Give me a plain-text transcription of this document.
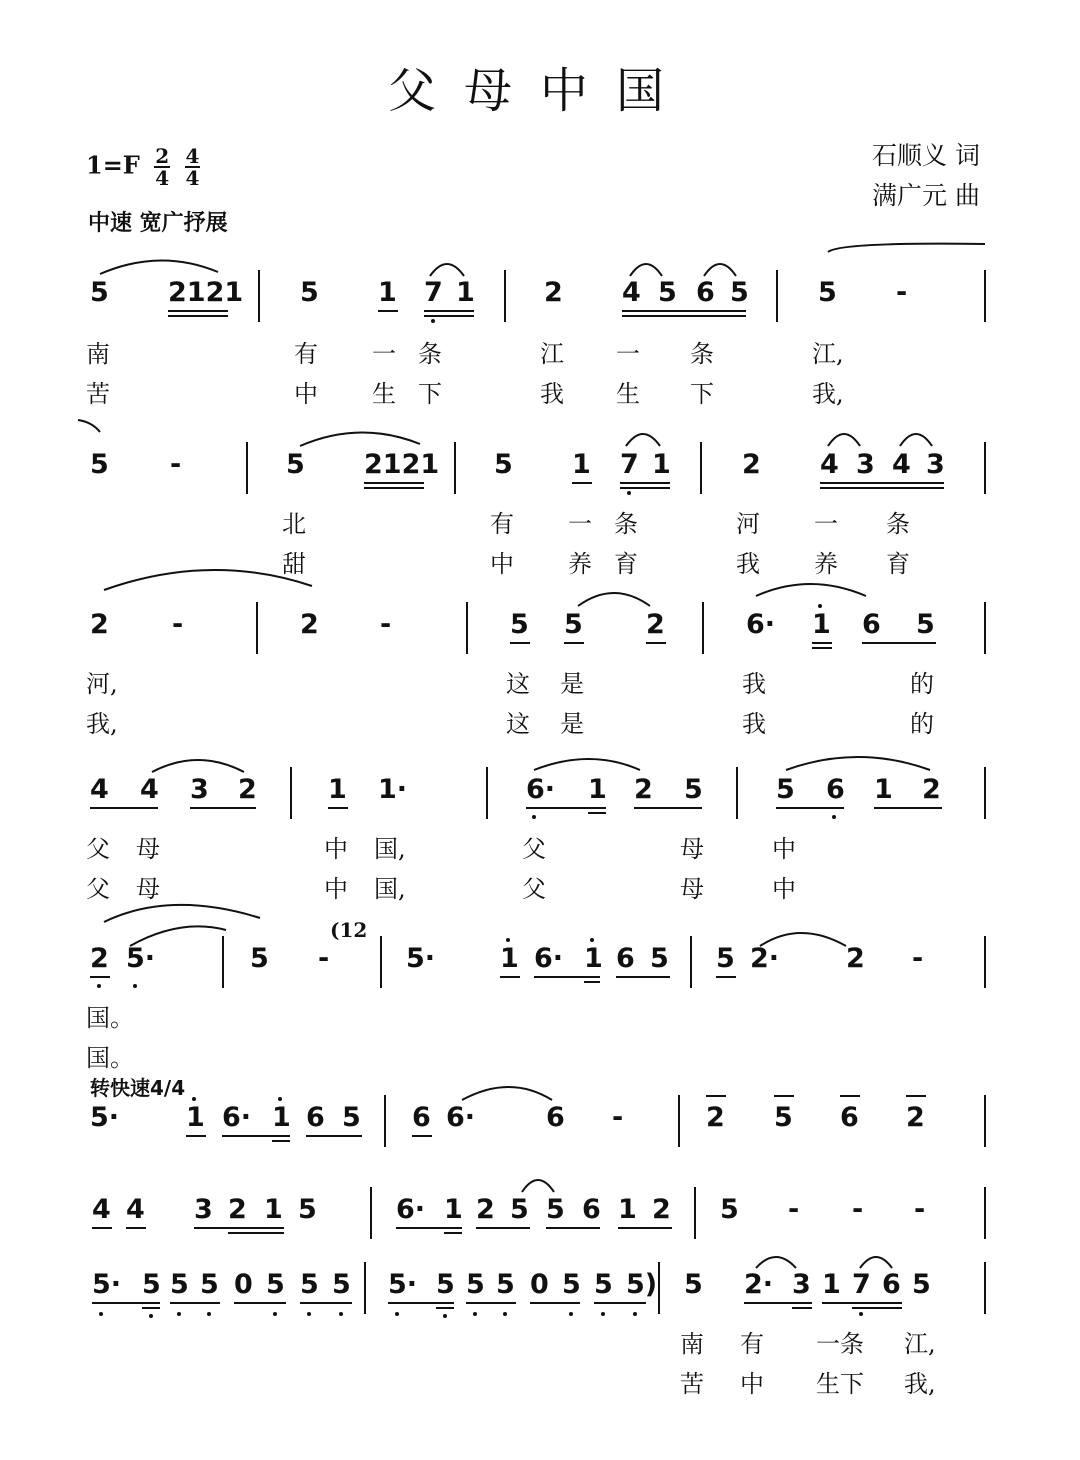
父母中国
$1=F \frac{2}{4} \frac{4}{4}$
中速 宽广抒展
石顺义 词
满广元 曲
5 2121 5 1 7 1	2 4 5 6 5	5 -
南	有 一 条	江 一 条	江,
苦	中 生 下	我 生 下	我,
5 -	5 2121 5 1 7 1	2 4 3 4 3
北	有 一 条	河 一 条
甜	中 养 育	我 养 育
2 -	2 -	5 5 2	6· 1 6 5
河,	这 是	我	的
我,	这 是	我	的
4 4 3 2	1 1·	6· 1 2 5	5 6 1 2
父 母	中 国,	父	母	中
父 母	中 国,	父	母	中
2 5·	5 -
(12
5· 1 6· 1 6 5 5 2· 2 -
国。
国。
转快速4/4
5· 1 6· 1 6 5 6 6·	6 -	2 5 6 2
4 4 3 2 1 5	6· 1 2 5 5 6 1 2 5 - - -
5· 5 5 5 0 5 5 5 5· 5 5 5 0 5 5 5) 5 2· 3 1 7 6 5
南 有 一条 江,
苦 中 生下 我,
